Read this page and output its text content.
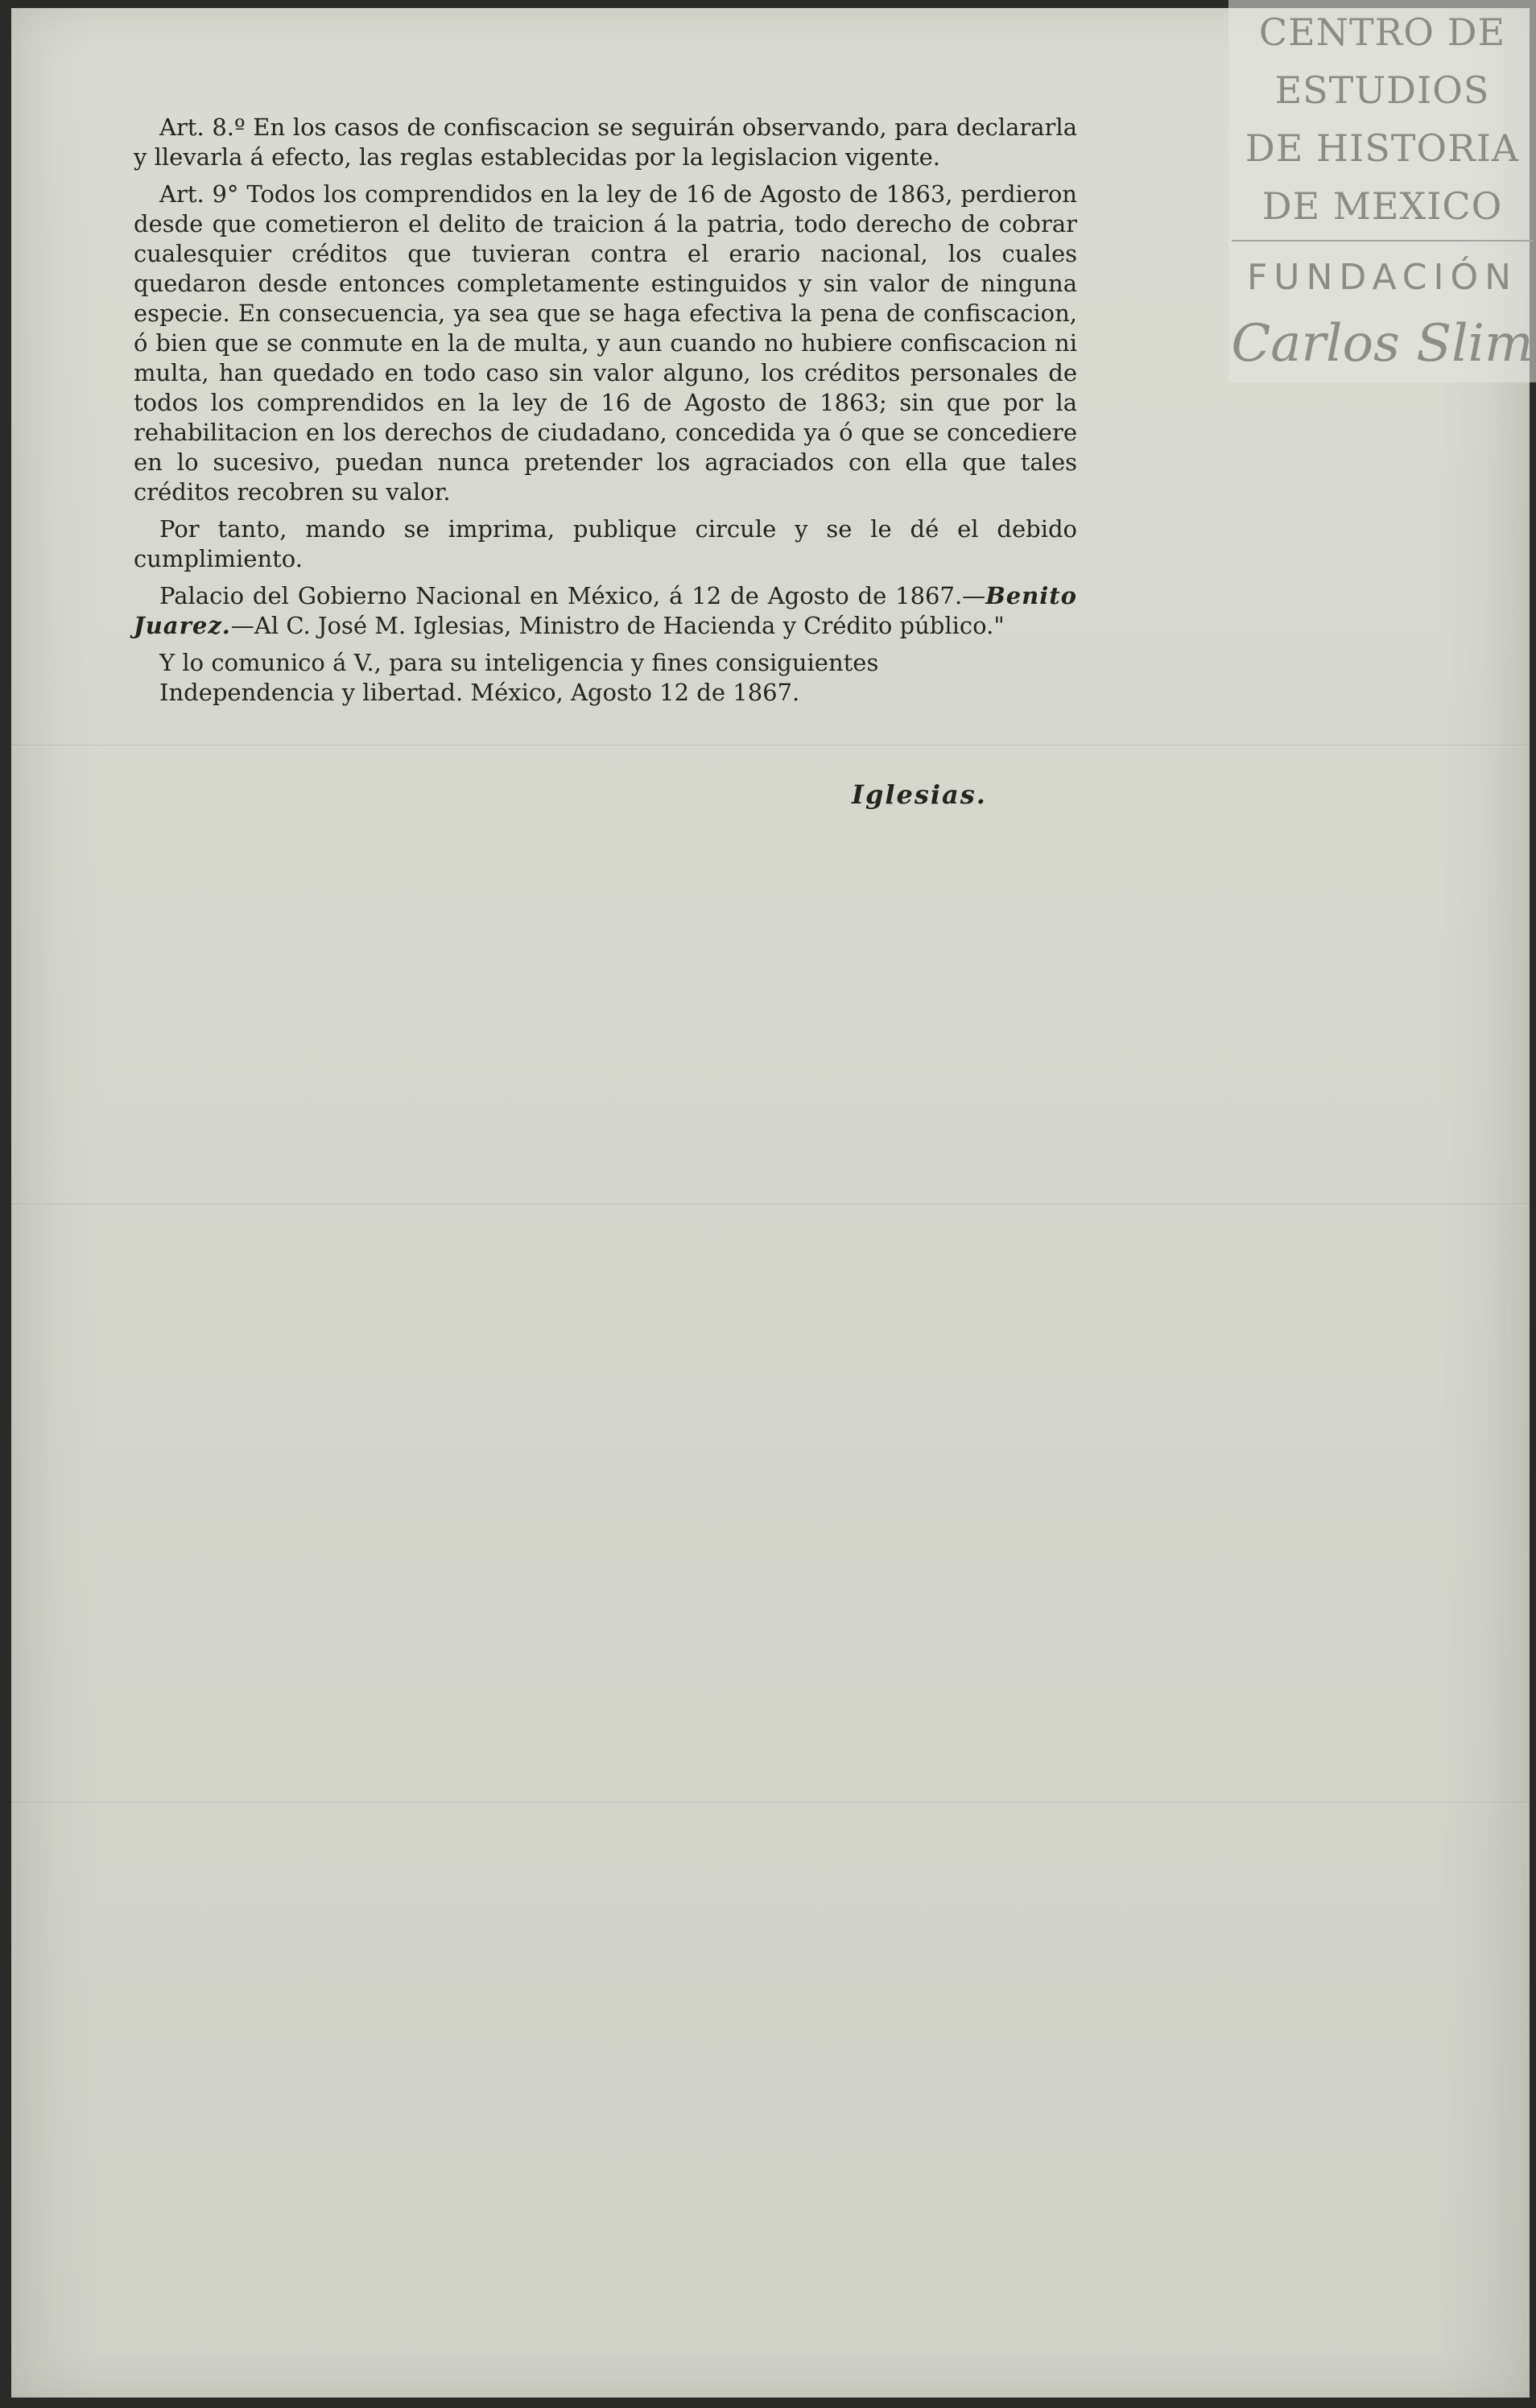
CENTRO DE
ESTUDIOS
DE HISTORIA
DE MEXICO
FUNDACIÓN
Carlos Slim

Art. 8.º En los casos de confiscacion se seguirán observando, para declararla y llevarla á efecto, las reglas establecidas por la legislacion vigente.

Art. 9° Todos los comprendidos en la ley de 16 de Agosto de 1863, perdieron desde que cometieron el delito de traicion á la patria, todo derecho de cobrar cualesquier créditos que tuvieran contra el erario nacional, los cuales quedaron desde entonces completamente estinguidos y sin valor de ninguna especie. En consecuencia, ya sea que se haga efectiva la pena de confiscacion, ó bien que se conmute en la de multa, y aun cuando no hubiere confiscacion ni multa, han quedado en todo caso sin valor alguno, los créditos personales de todos los comprendidos en la ley de 16 de Agosto de 1863; sin que por la rehabilitacion en los derechos de ciudadano, concedida ya ó que se concediere en lo sucesivo, puedan nunca pretender los agraciados con ella que tales créditos recobren su valor.

Por tanto, mando se imprima, publique circule y se le dé el debido cumplimiento.

Palacio del Gobierno Nacional en México, á 12 de Agosto de 1867.—Benito Juarez.—Al C. José M. Iglesias, Ministro de Hacienda y Crédito público."

Y lo comunico á V., para su inteligencia y fines consiguientes

Independencia y libertad. México, Agosto 12 de 1867.

Iglesias.
